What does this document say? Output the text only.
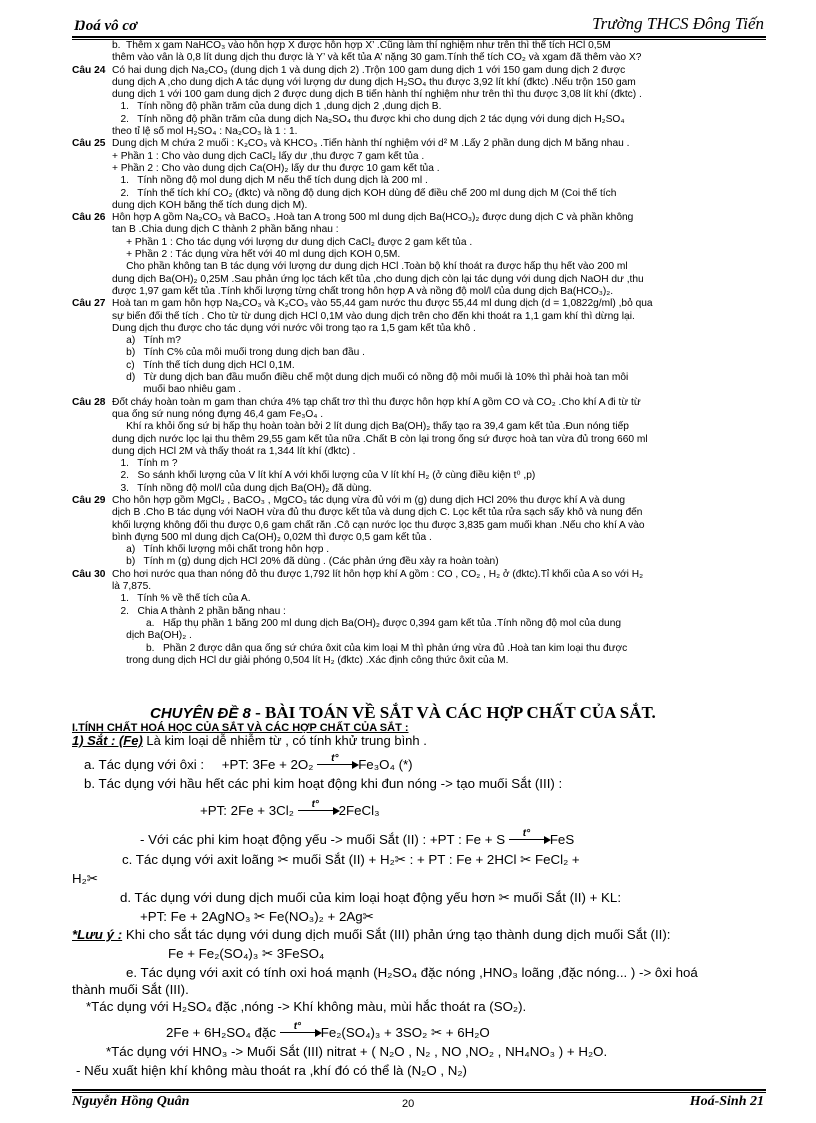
Ŋoá vô cơ	Trường THCS Đông Tiến
b.  Thêm x gam NaHCO₃ vào hỗn hợp X được hỗn hợp X’ .Cũng làm thí nghiệm như trên thì thể tích HCl 0,5M
thêm vào vẫn là 0,8 lít dung dịch thu được là Y’ và kết tủa A’ nặng 30 gam.Tính thể tích CO₂ và xgam đã thêm vào X?
Câu 24 Có hai dung dịch Na₂CO₃ (dung dịch 1 và dung dịch 2) .Trộn 100 gam dung dịch 1 với 150 gam dung dịch 2 được
dung dịch A ,cho dung dịch A tác dụng với lượng dư dung dịch H₂SO₄ thu được 3,92 lít khí (đktc) .Nếu trộn 150 gam
dung dịch 1 với 100 gam dung dịch 2 được dung dịch B tiến hành thí nghiệm như trên thì thu được 3,08 lít khí (đktc) .
1.   Tính nồng độ phần trăm của dung dịch 1 ,dung dịch 2 ,dung dịch B.
2.   Tính nồng độ phần trăm của dung dịch Na₂SO₄ thu được khi cho dung dịch 2 tác dụng với dung dịch H₂SO₄
theo tỉ lệ số mol H₂SO₄ : Na₂CO₃ là 1 : 1.
Câu 25 Dung dịch M chứa 2 muối : K₂CO₃ và KHCO₃ .Tiến hành thí nghiệm với d² M .Lấy 2 phần dung dịch M bằng nhau .
+ Phần 1 : Cho vào dung dịch CaCl₂ lấy dư ,thu được 7 gam kết tủa .
+ Phần 2 : Cho vào dung dịch Ca(OH)₂ lấy dư thu được 10 gam kết tủa .
1.   Tính nồng độ mol dung dịch M nếu thể tích dung dịch là 200 ml .
2.   Tính thể tích khí CO₂ (đktc) và nồng độ dung dịch KOH dùng để điều chế 200 ml dung dịch M (Coi thể tích
dung dịch KOH bằng thể tích dung dịch M).
Câu 26 Hỗn hợp A gồm Na₂CO₃ và BaCO₃ .Hoà tan A trong 500 ml dung dịch Ba(HCO₃)₂ được dung dịch C và phần không
tan B .Chia dung dịch C thành 2 phần bằng nhau :
+ Phần 1 : Cho tác dụng với lượng dư dung dịch CaCl₂ được 2 gam kết tủa .
+ Phần 2 : Tác dụng vừa hết với 40 ml dung dịch KOH 0,5M.
Cho phần không tan B tác dụng với lượng dư dung dịch HCl .Toàn bộ khí thoát ra được hấp thụ hết vào 200 ml
dung dịch Ba(OH)₂ 0,25M .Sau phản ứng lọc tách kết tủa ,cho dung dịch còn lại tác dụng với dung dịch NaOH dư ,thu
được 1,97 gam kết tủa .Tính khối lượng từng chất trong hỗn hợp A và nồng độ mol/l của dung dịch Ba(HCO₃)₂.
Câu 27 Hoà tan m gam hỗn hợp Na₂CO₃ và K₂CO₃ vào 55,44 gam nước thu được 55,44 ml dung dịch (d = 1,0822g/ml) ,bỏ qua
sự biến đổi thể tích . Cho từ từ dung dịch HCl 0,1M vào dung dịch trên cho đến khi thoát ra 1,1 gam khí thì dừng lại.
Dung dịch thu được cho tác dụng với nước vôi trong tạo ra 1,5 gam kết tủa khô .
a)   Tính m?
b)   Tính C% của mỗi muối trong dung dịch ban đầu .
c)   Tính thể tích dung dịch HCl 0,1M.
d)   Từ dung dịch ban đầu muốn điều chế một dung dịch muối có nồng độ mỗi muối là 10% thì phải hoà tan mỗi
muối bao nhiêu gam .
Câu 28 Đốt cháy hoàn toàn m gam than chứa 4% tạp chất trơ thì thu được hỗn hợp khí A gồm CO và CO₂ .Cho khí A đi từ từ
qua ống sứ nung nóng đựng 46,4 gam Fe₃O₄ .
Khí ra khỏi ống sứ bị hấp thụ hoàn toàn bởi 2 lít dung dịch Ba(OH)₂ thấy tạo ra 39,4 gam kết tủa .Đun nóng tiếp
dung dịch nước lọc lại thu thêm 29,55 gam kết tủa nữa .Chất B còn lại trong ống sứ được hoà tan vừa đủ trong 660 ml
dung dịch HCl 2M và thấy thoát ra 1,344 lít khí (đktc) .
1.   Tính m ?
2.   So sánh khối lượng của V lít khí A với khối lượng của V lít khí H₂ (ở cùng điều kiện t⁰ ,p)
3.   Tính nồng độ mol/l của dung dịch Ba(OH)₂ đã dùng.
Câu 29 Cho hỗn hợp gồm MgCl₂ , BaCO₃ , MgCO₃ tác dụng vừa đủ với m (g) dung dịch HCl 20% thu được khí A và dung
dịch B .Cho B tác dụng với NaOH vừa đủ thu được kết tủa và dung dịch C. Lọc kết tủa rửa sạch sấy khô và nung đến
khối lượng không đổi thu được 0,6 gam chất rắn .Cô cạn nước lọc thu được 3,835 gam muối khan .Nếu cho khí A vào
bình đựng 500 ml dung dịch Ca(OH)₂ 0,02M thì được 0,5 gam kết tủa .
a)   Tính khối lượng mỗi chất trong hỗn hợp .
b)   Tính m (g) dung dịch HCl 20% đã dùng . (Các phản ứng đều xảy ra hoàn toàn)
Câu 30 Cho hơi nước qua than nóng đỏ thu được 1,792 lít hỗn hợp khí A gồm : CO , CO₂ , H₂ ở (đktc).Tỉ khối của A so với H₂
là 7,875.
1.   Tính % về thể tích của A.
2.   Chia A thành 2 phần bằng nhau :
a.   Hấp thụ phần 1 bằng 200 ml dung dịch Ba(OH)₂ được 0,394 gam kết tủa .Tính nồng độ mol của dung
dịch Ba(OH)₂ .
b.   Phần 2 được dẫn qua ống sứ chứa ôxit của kim loại M thì phản ứng vừa đủ .Hoà tan kim loại thu được
trong dung dịch HCl dư giải phóng 0,504 lít H₂ (đktc) .Xác định công thức ôxit của M.
CHUYÊN ĐỀ 8 - BÀI TOÁN VỀ SẮT VÀ CÁC HỢP CHẤT CỦA SẮT.
I.TÍNH CHẤT HOÁ HỌC CỦA SẮT VÀ CÁC HỢP CHẤT CỦA SẮT :
1) Sắt : (Fe) Là kim loại dễ nhiễm từ , có tính khử trung bình .
a. Tác dụng với ôxi : +PT: 3Fe + 2O₂ $^{t^\circ}$ Fe₃O₄ (*)
b. Tác dụng với hầu hết các phi kim hoạt động khi đun nóng -> tạo muối Sắt (III) :
+PT: 2Fe + 3Cl₂ $^{t^\circ}$ 2FeCl₃
- Với các phi kim hoạt động yếu -> muối Sắt (II) : +PT : Fe + S $^{t^\circ}$ FeS
c. Tác dụng với axit loãng ✂ muối Sắt (II) + H₂✂ : + PT : Fe + 2HCl ✂ FeCl₂ +
H₂✂
d. Tác dụng với dung dịch muối của kim loại hoạt động yếu hơn ✂ muối Sắt (II) + KL:
+PT: Fe + 2AgNO₃ ✂ Fe(NO₃)₂ + 2Ag✂
*Lưu ý : Khi cho sắt tác dụng với dung dịch muối Sắt (III) phản ứng tạo thành dung dịch muối Sắt (II):
Fe + Fe₂(SO₄)₃ ✂ 3FeSO₄
e. Tác dụng với axit có tính oxi hoá mạnh (H₂SO₄ đặc nóng ,HNO₃ loãng ,đặc nóng... ) -> ôxi hoá
thành muối Sắt (III).
*Tác dụng với H₂SO₄ đặc ,nóng -> Khí không màu, mùi hắc thoát ra (SO₂).
2Fe + 6H₂SO₄ đặc $^{t^\circ}$ Fe₂(SO₄)₃ + 3SO₂ ✂ + 6H₂O
*Tác dụng với HNO₃ -> Muối Sắt (III) nitrat + ( N₂O , N₂ , NO ,NO₂ , NH₄NO₃ ) + H₂O.
- Nếu xuất hiện khí không màu thoát ra ,khí đó có thể là (N₂O , N₂)
Nguyễn Hồng Quân	20	Hoá-Sinh 21
